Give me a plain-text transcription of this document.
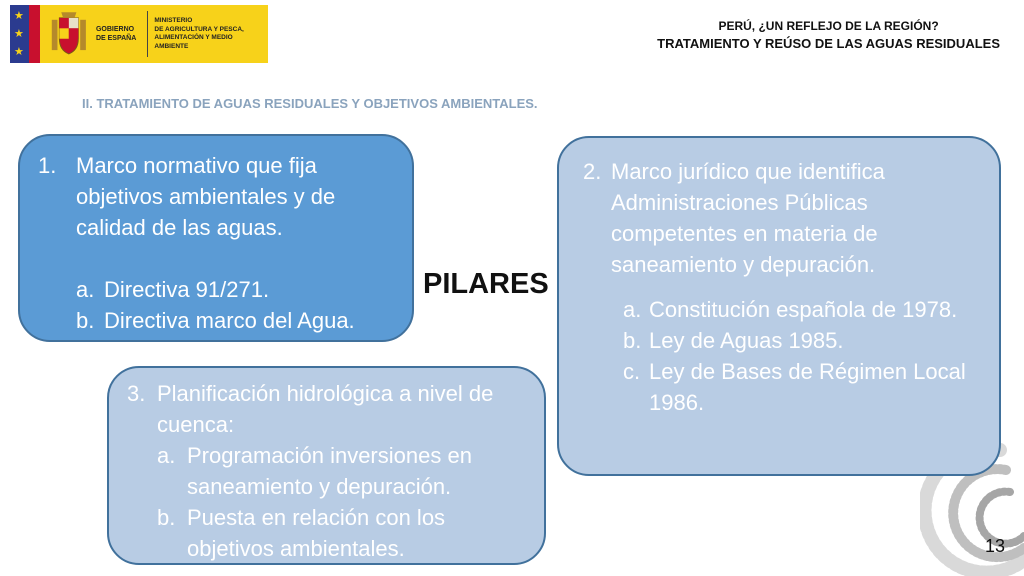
★
★
★
GOBIERNO
DE ESPAÑA
MINISTERIO
DE AGRICULTURA Y PESCA,
ALIMENTACIÓN Y MEDIO AMBIENTE
PERÚ, ¿UN REFLEJO DE LA REGIÓN?
TRATAMIENTO Y REÚSO DE LAS AGUAS RESIDUALES
II. TRATAMIENTO DE AGUAS RESIDUALES Y OBJETIVOS AMBIENTALES.
1. Marco normativo que fija objetivos ambientales y de calidad de las aguas.
a. Directiva 91/271.
b. Directiva marco del Agua.
PILARES
2. Marco jurídico que identifica Administraciones Públicas competentes en materia de saneamiento y depuración.
a. Constitución española de 1978.
b. Ley de Aguas 1985.
c. Ley de Bases de Régimen Local 1986.
3. Planificación hidrológica a nivel de cuenca:
a. Programación inversiones en saneamiento y depuración.
b. Puesta en relación con los objetivos ambientales.	13
